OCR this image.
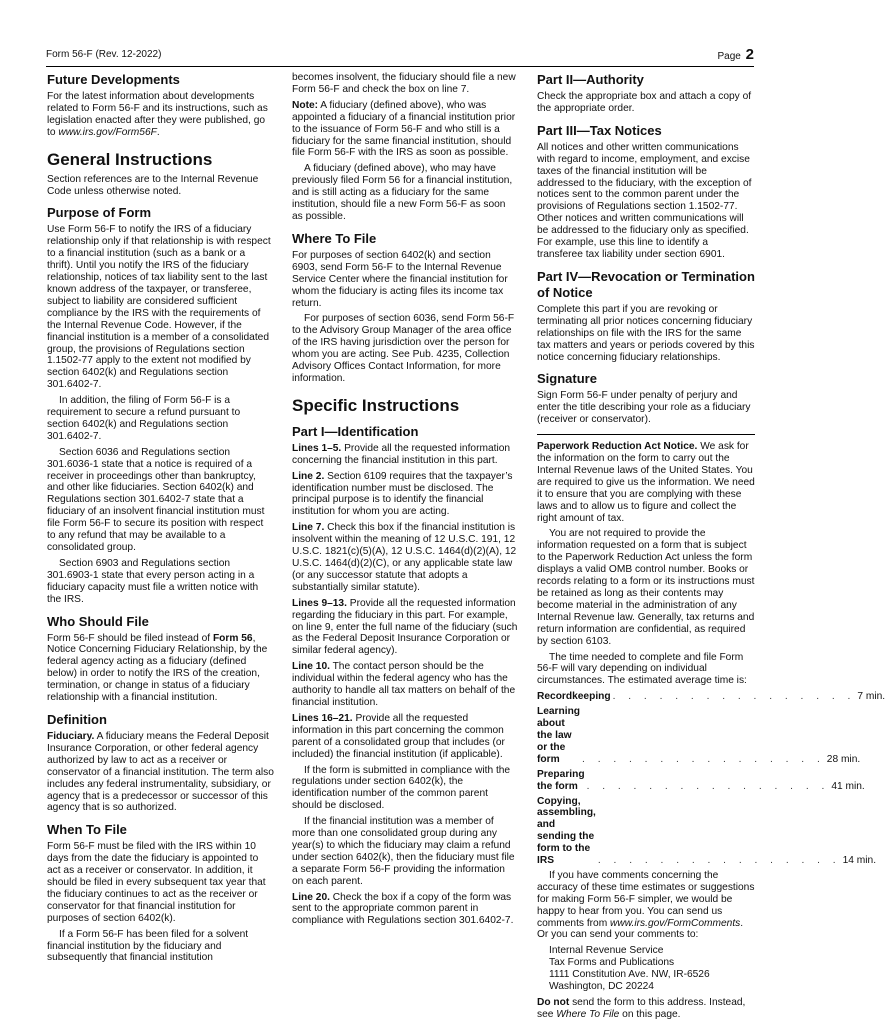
Form 56-F (Rev. 12-2022)	Page 2
Future Developments

For the latest information about developments related to Form 56-F and its instructions, such as legislation enacted after they were published, go to www.irs.gov/Form56F.

General Instructions

Section references are to the Internal Revenue Code unless otherwise noted.

Purpose of Form

Use Form 56-F to notify the IRS of a fiduciary relationship only if that relationship is with respect to a financial institution (such as a bank or a thrift). Until you notify the IRS of the fiduciary relationship, notices of tax liability sent to the last known address of the taxpayer, or transferee, subject to liability are considered sufficient compliance by the IRS with the requirements of the Internal Revenue Code. However, if the financial institution is a member of a consolidated group, the provisions of Regulations section 1.1502-77 apply to the extent not modified by section 6402(k) and Regulations section 301.6402-7.

In addition, the filing of Form 56-F is a requirement to secure a refund pursuant to section 6402(k) and Regulations section 301.6402-7.

Section 6036 and Regulations section 301.6036-1 state that a notice is required of a receiver in proceedings other than bankruptcy, and other like fiduciaries. Section 6402(k) and Regulations section 301.6402-7 state that a fiduciary of an insolvent financial institution must file Form 56-F to secure its position with respect to any refund that may be available to a consolidated group.

Section 6903 and Regulations section 301.6903-1 state that every person acting in a fiduciary capacity must file a written notice with the IRS.

Who Should File

Form 56-F should be filed instead of Form 56, Notice Concerning Fiduciary Relationship, by the federal agency acting as a fiduciary (defined below) in order to notify the IRS of the creation, termination, or change in status of a fiduciary relationship with a financial institution.

Definition

Fiduciary. A fiduciary means the Federal Deposit Insurance Corporation, or other federal agency authorized by law to act as a receiver or conservator of a financial institution. The term also includes any federal instrumentality, subsidiary, or agency that is a predecessor or successor of this agency that is so authorized.

When To File

Form 56-F must be filed with the IRS within 10 days from the date the fiduciary is appointed to act as a receiver or conservator. In addition, it should be filed in every subsequent tax year that the fiduciary continues to act as the receiver or conservator for that financial institution for purposes of section 6402(k).

If a Form 56-F has been filed for a solvent financial institution by the fiduciary and subsequently that financial institution

becomes insolvent, the fiduciary should file a new Form 56-F and check the box on line 7.

Note: A fiduciary (defined above), who was appointed a fiduciary of a financial institution prior to the issuance of Form 56-F and who still is a fiduciary for the same financial institution, should file Form 56-F with the IRS as soon as possible.

A fiduciary (defined above), who may have previously filed Form 56 for a financial institution, and is still acting as a fiduciary for the same institution, should file a new Form 56-F as soon as possible.

Where To File

For purposes of section 6402(k) and section 6903, send Form 56-F to the Internal Revenue Service Center where the financial institution for whom the fiduciary is acting files its income tax return.

For purposes of section 6036, send Form 56-F to the Advisory Group Manager of the area office of the IRS having jurisdiction over the person for whom you are acting. See Pub. 4235, Collection Advisory Offices Contact Information, for more information.

Specific Instructions
Part I—Identification

Lines 1–5. Provide all the requested information concerning the financial institution in this part.

Line 2. Section 6109 requires that the taxpayer’s identification number must be disclosed. The principal purpose is to identify the financial institution for whom you are acting.

Line 7. Check this box if the financial institution is insolvent within the meaning of 12 U.S.C. 191, 12 U.S.C. 1821(c)(5)(A), 12 U.S.C. 1464(d)(2)(A), 12 U.S.C. 1464(d)(2)(C), or any applicable state law (or any successor statute that adopts a substantially similar statute).

Lines 9–13. Provide all the requested information regarding the fiduciary in this part. For example, on line 9, enter the full name of the fiduciary (such as the Federal Deposit Insurance Corporation or similar federal agency).

Line 10. The contact person should be the individual within the federal agency who has the authority to handle all tax matters on behalf of the financial institution.

Lines 16–21. Provide all the requested information in this part concerning the common parent of a consolidated group that includes (or included) the financial institution (if applicable).

If the form is submitted in compliance with the regulations under section 6402(k), the identification number of the common parent should be disclosed.

If the financial institution was a member of more than one consolidated group during any year(s) to which the fiduciary may claim a refund under section 6402(k), then the fiduciary must file a separate Form 56-F providing the information on each parent.

Line 20. Check the box if a copy of the form was sent to the appropriate common parent in compliance with Regulations section 301.6402-7.

Part II—Authority

Check the appropriate box and attach a copy of the appropriate order.

Part III—Tax Notices

All notices and other written communications with regard to income, employment, and excise taxes of the financial institution will be addressed to the fiduciary, with the exception of notices sent to the common parent under the provisions of Regulations section 1.1502-77. Other notices and written communications will be addressed to the fiduciary only as specified. For example, use this line to identify a transferee tax liability under section 6901.

Part IV—Revocation or Termination of Notice

Complete this part if you are revoking or terminating all prior notices concerning fiduciary relationships on file with the IRS for the same tax matters and years or periods covered by this notice concerning fiduciary relationships.

Signature

Sign Form 56-F under penalty of perjury and enter the title describing your role as a fiduciary (receiver or conservator).

Paperwork Reduction Act Notice. We ask for the information on the form to carry out the Internal Revenue laws of the United States. You are required to give us the information. We need it to ensure that you are complying with these laws and to allow us to figure and collect the right amount of tax.

You are not required to provide the information requested on a form that is subject to the Paperwork Reduction Act unless the form displays a valid OMB control number. Books or records relating to a form or its instructions must be retained as long as their contents may become material in the administration of any Internal Revenue law. Generally, tax returns and return information are confidential, as required by section 6103.

The time needed to complete and file Form 56-F will vary depending on individual circumstances. The estimated average time is:

Recordkeeping . . . . . . . . . . . . . . . . 7 min.
Learning about the law or the form	. . . . . . . . . . . . . . . . 28 min.
Preparing the form . . . . . . . . . . . . . . . . 41 min.
Copying, assembling, and sending the form to the IRS	. . . . . . . . . . . . . . . . 14 min.

If you have comments concerning the accuracy of these time estimates or suggestions for making Form 56-F simpler, we would be happy to hear from you. You can send us comments from www.irs.gov/FormComments. Or you can send your comments to:

Internal Revenue Service
Tax Forms and Publications
1111 Constitution Ave. NW, IR-6526
Washington, DC 20224

Do not send the form to this address. Instead, see Where To File on this page.
